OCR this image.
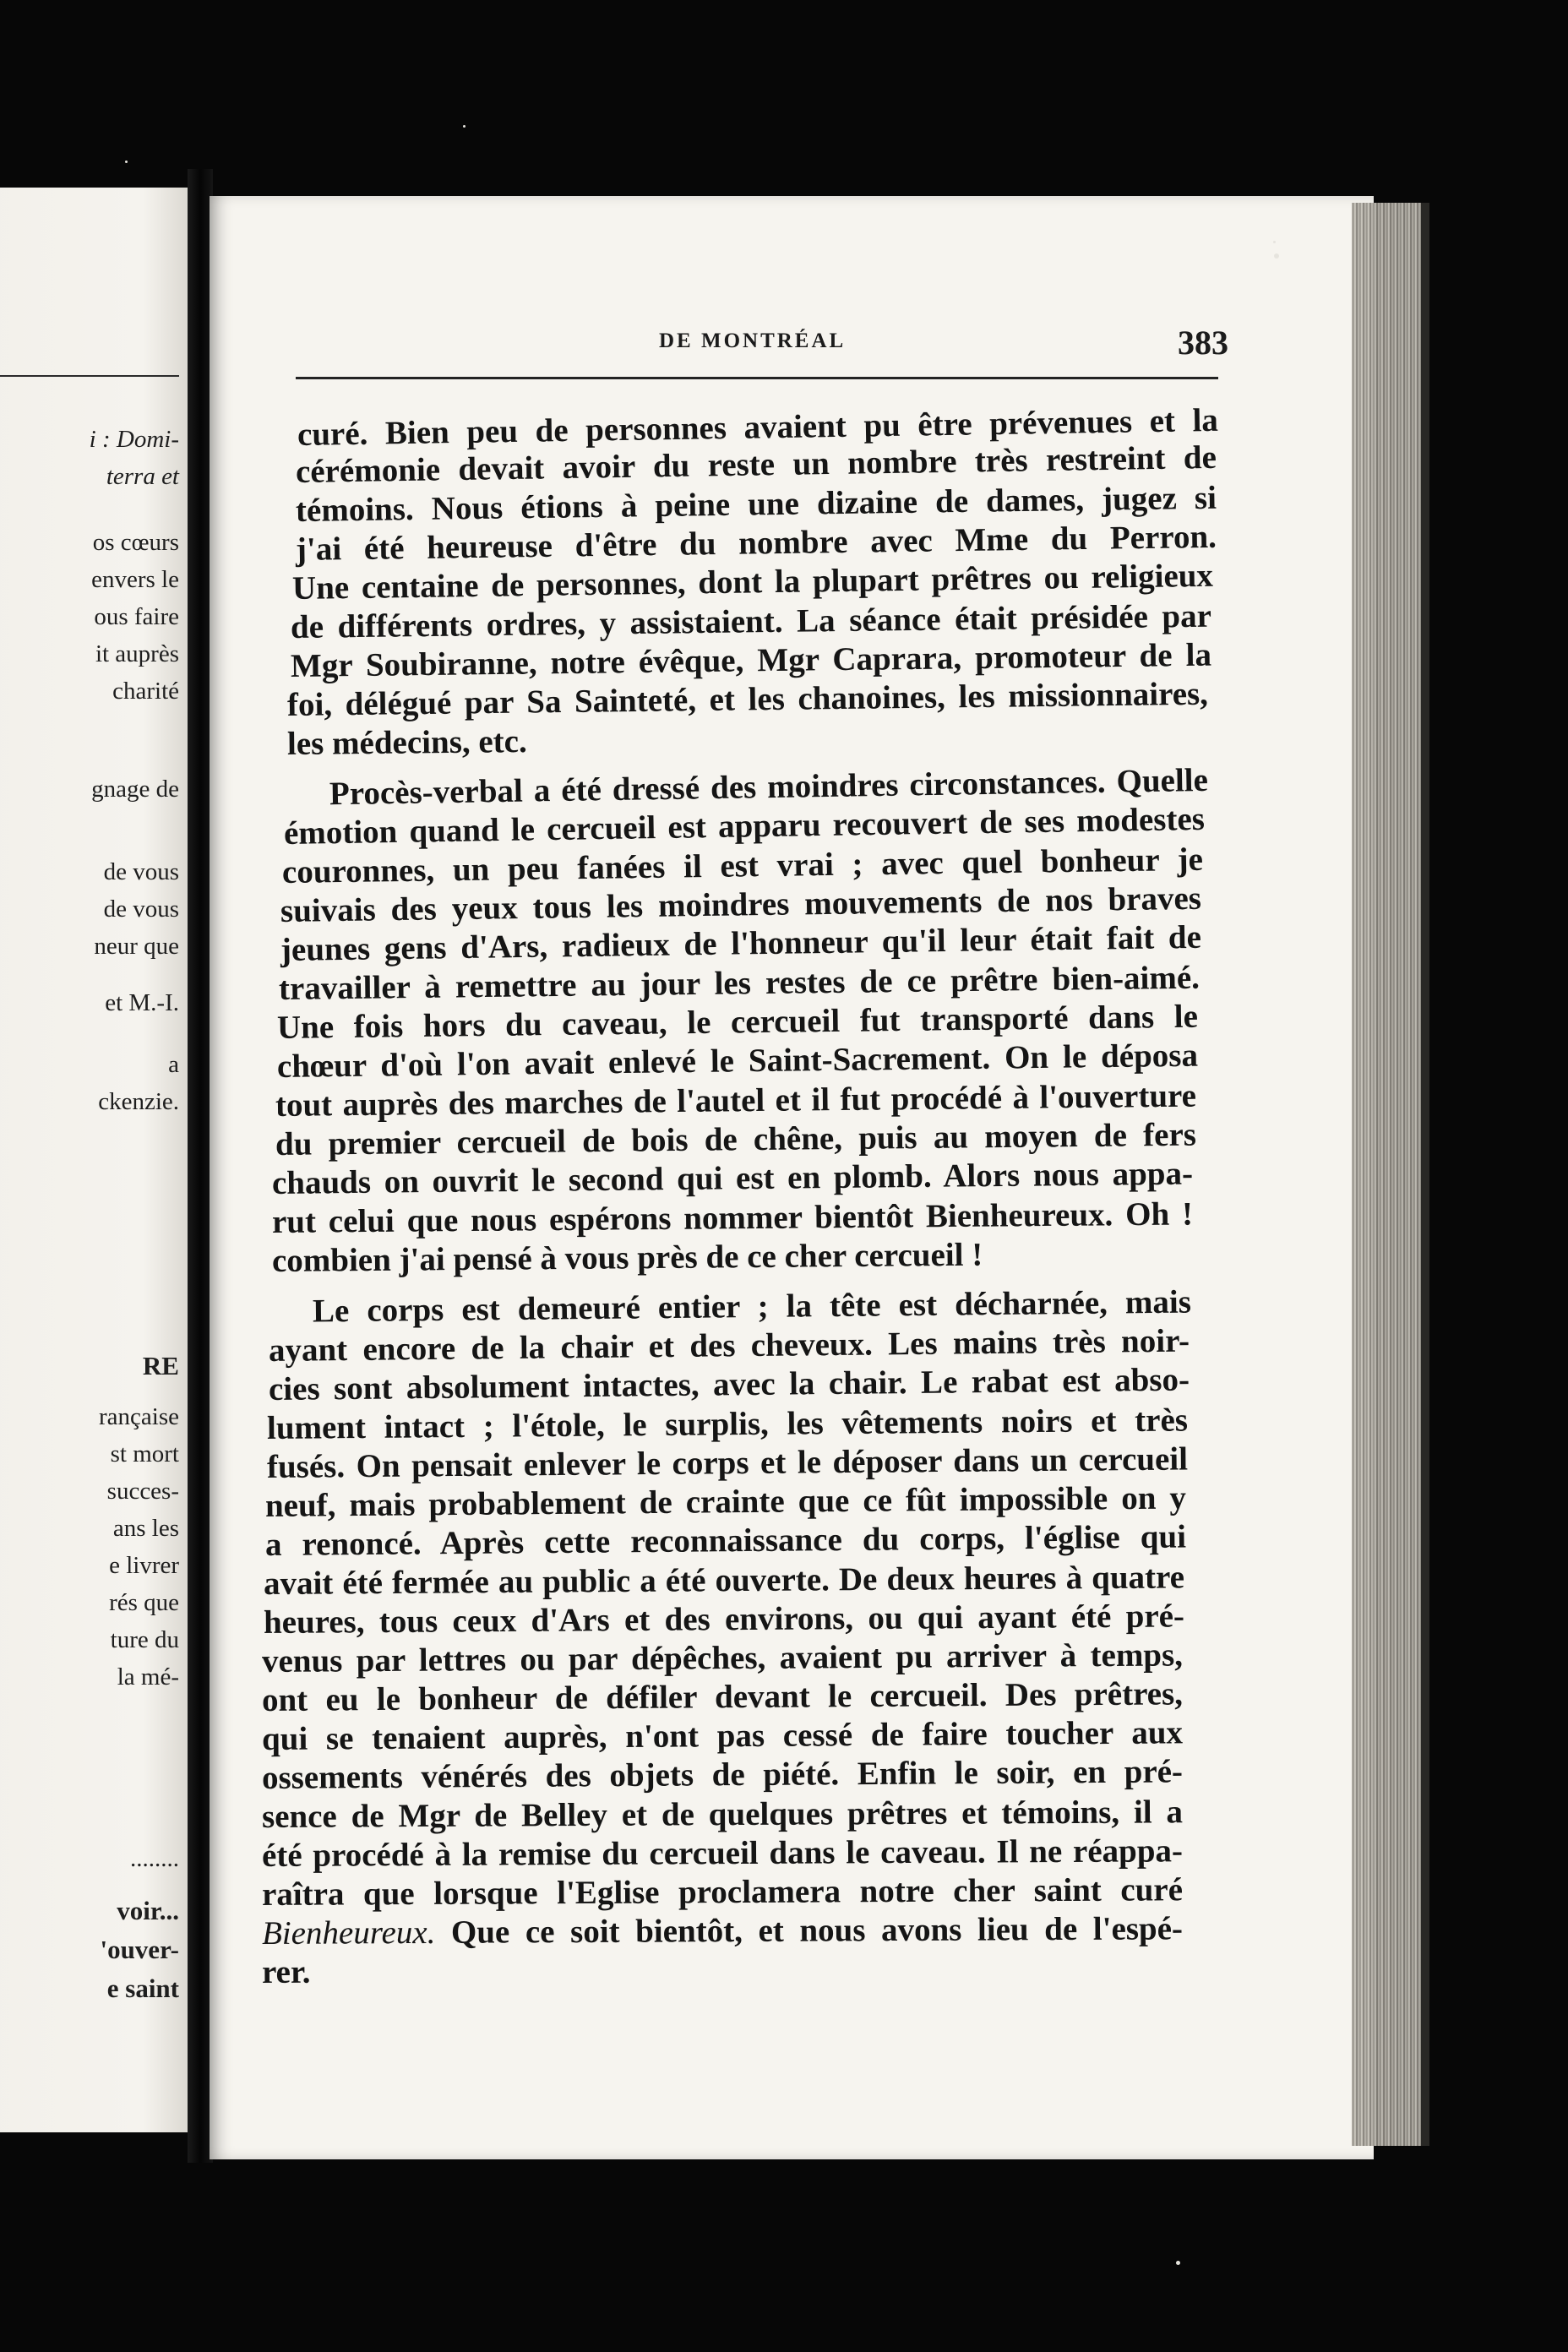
i : Domi-
terra et
os cœurs
envers le
ous faire
it auprès
charité
gnage de
de vous
de vous
neur que
et M.-I.
a
ckenzie.
RE
rançaise
st mort
succes-
ans les
e livrer
rés que
ture du
la mé-
........
voir...
'ouver-
e saint
DE MONTRÉAL	383
curé. Bien peu de personnes avaient pu être prévenues et la
cérémonie devait avoir du reste un nombre très restreint de
témoins. Nous étions à peine une dizaine de dames, jugez si
j'ai été heureuse d'être du nombre avec Mme du Perron.
Une centaine de personnes, dont la plupart prêtres ou religieux
de différents ordres, y assistaient. La séance était présidée par
Mgr Soubiranne, notre évêque, Mgr Caprara, promoteur de la
foi, délégué par Sa Sainteté, et les chanoines, les missionnaires,
les médecins, etc.
Procès-verbal a été dressé des moindres circonstances. Quelle
émotion quand le cercueil est apparu recouvert de ses modestes
couronnes, un peu fanées il est vrai ; avec quel bonheur je
suivais des yeux tous les moindres mouvements de nos braves
jeunes gens d'Ars, radieux de l'honneur qu'il leur était fait de
travailler à remettre au jour les restes de ce prêtre bien-aimé.
Une fois hors du caveau, le cercueil fut transporté dans le
chœur d'où l'on avait enlevé le Saint-Sacrement. On le déposa
tout auprès des marches de l'autel et il fut procédé à l'ouverture
du premier cercueil de bois de chêne, puis au moyen de fers
chauds on ouvrit le second qui est en plomb. Alors nous appa-
rut celui que nous espérons nommer bientôt Bienheureux. Oh !
combien j'ai pensé à vous près de ce cher cercueil !
Le corps est demeuré entier ; la tête est décharnée, mais
ayant encore de la chair et des cheveux. Les mains très noir-
cies sont absolument intactes, avec la chair. Le rabat est abso-
lument intact ; l'étole, le surplis, les vêtements noirs et très
fusés. On pensait enlever le corps et le déposer dans un cercueil
neuf, mais probablement de crainte que ce fût impossible on y
a renoncé. Après cette reconnaissance du corps, l'église qui
avait été fermée au public a été ouverte. De deux heures à quatre
heures, tous ceux d'Ars et des environs, ou qui ayant été pré-
venus par lettres ou par dépêches, avaient pu arriver à temps,
ont eu le bonheur de défiler devant le cercueil. Des prêtres,
qui se tenaient auprès, n'ont pas cessé de faire toucher aux
ossements vénérés des objets de piété. Enfin le soir, en pré-
sence de Mgr de Belley et de quelques prêtres et témoins, il a
été procédé à la remise du cercueil dans le caveau. Il ne réappa-
raîtra que lorsque l'Eglise proclamera notre cher saint curé
Bienheureux. Que ce soit bientôt, et nous avons lieu de l'espé-
rer.
